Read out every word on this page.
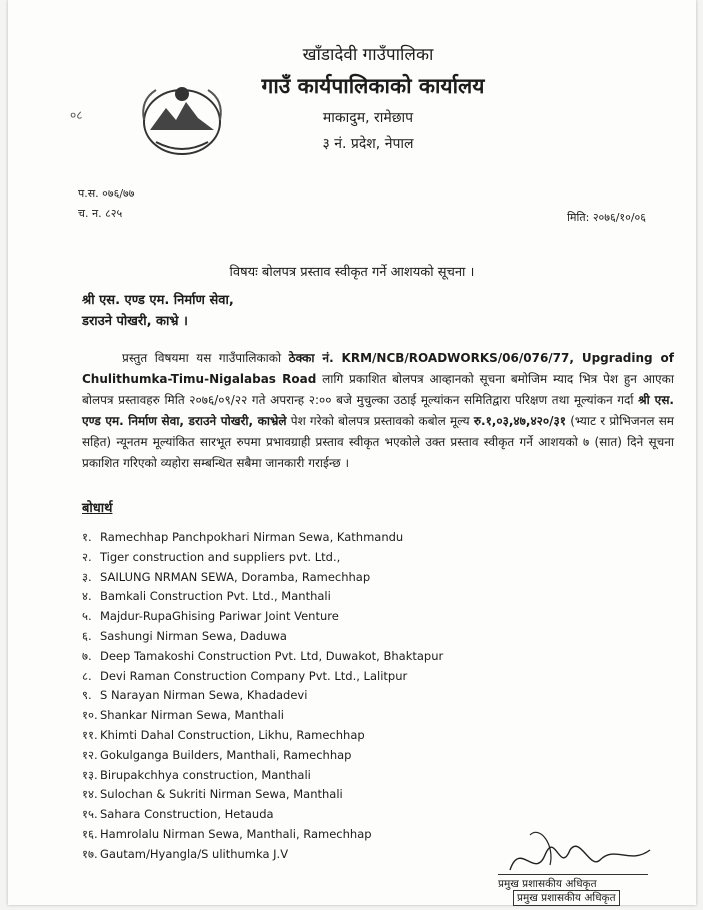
०८
खाँडादेवी गाउँपालिका
गाउँ कार्यपालिकाको कार्यालय
माकादुम, रामेछाप
३ नं. प्रदेश, नेपाल
प.स. ०७६/७७
च. न. ८२५	मिति: २०७६/१०/०६
विषयः बोलपत्र प्रस्ताव स्वीकृत गर्ने आशयको सूचना ।
श्री एस. एण्ड एम. निर्माण सेवा,
डराउने पोखरी, काभ्रे ।
प्रस्तुत विषयमा यस गाउँपालिकाको ठेक्का नं. KRM/NCB/ROADWORKS/06/076/77, Upgrading of Chulithumka-Timu-Nigalabas Road लागि प्रकाशित बोलपत्र आव्हानको सूचना बमोजिम म्याद भित्र पेश हुन आएका बोलपत्र प्रस्तावहरु मिति २०७६/०९/२२ गते अपरान्ह २:०० बजे मुचुल्का उठाई मूल्यांकन समितिद्वारा परिक्षण तथा मूल्यांकन गर्दा श्री एस. एण्ड एम. निर्माण सेवा, डराउने पोखरी, काभ्रेले पेश गरेको बोलपत्र प्रस्तावको कबोल मूल्य रु.१,०३,४७,४२०/३१ (भ्याट र प्रोभिजनल सम सहित) न्यूनतम मूल्यांकित सारभूत रुपमा प्रभावग्राही प्रस्ताव स्वीकृत भएकोले उक्त प्रस्ताव स्वीकृत गर्ने आशयको ७ (सात) दिने सूचना प्रकाशित गरिएको व्यहोरा सम्बन्धित सबैमा जानकारी गराईन्छ ।
बोधार्थ
१. Ramechhap Panchpokhari Nirman Sewa, Kathmandu
२. Tiger construction and suppliers pvt. Ltd.,
३. SAILUNG NRMAN SEWA, Doramba, Ramechhap
४. Bamkali Construction Pvt. Ltd., Manthali
५. Majdur-RupaGhising Pariwar Joint Venture
६. Sashungi Nirman Sewa, Daduwa
७. Deep Tamakoshi Construction Pvt. Ltd, Duwakot, Bhaktapur
८. Devi Raman Construction Company Pvt. Ltd., Lalitpur
९. S Narayan Nirman Sewa, Khadadevi
१०. Shankar Nirman Sewa, Manthali
११. Khimti Dahal Construction, Likhu, Ramechhap
१२. Gokulganga Builders, Manthali, Ramechhap
१३. Birupakchhya construction, Manthali
१४. Sulochan & Sukriti Nirman Sewa, Manthali
१५. Sahara Construction, Hetauda
१६. Hamrolalu Nirman Sewa, Manthali, Ramechhap
१७. Gautam/Hyangla/S ulithumka J.V
प्रमुख प्रशासकीय अधिकृत
प्रमुख प्रशासकीय अधिकृत
